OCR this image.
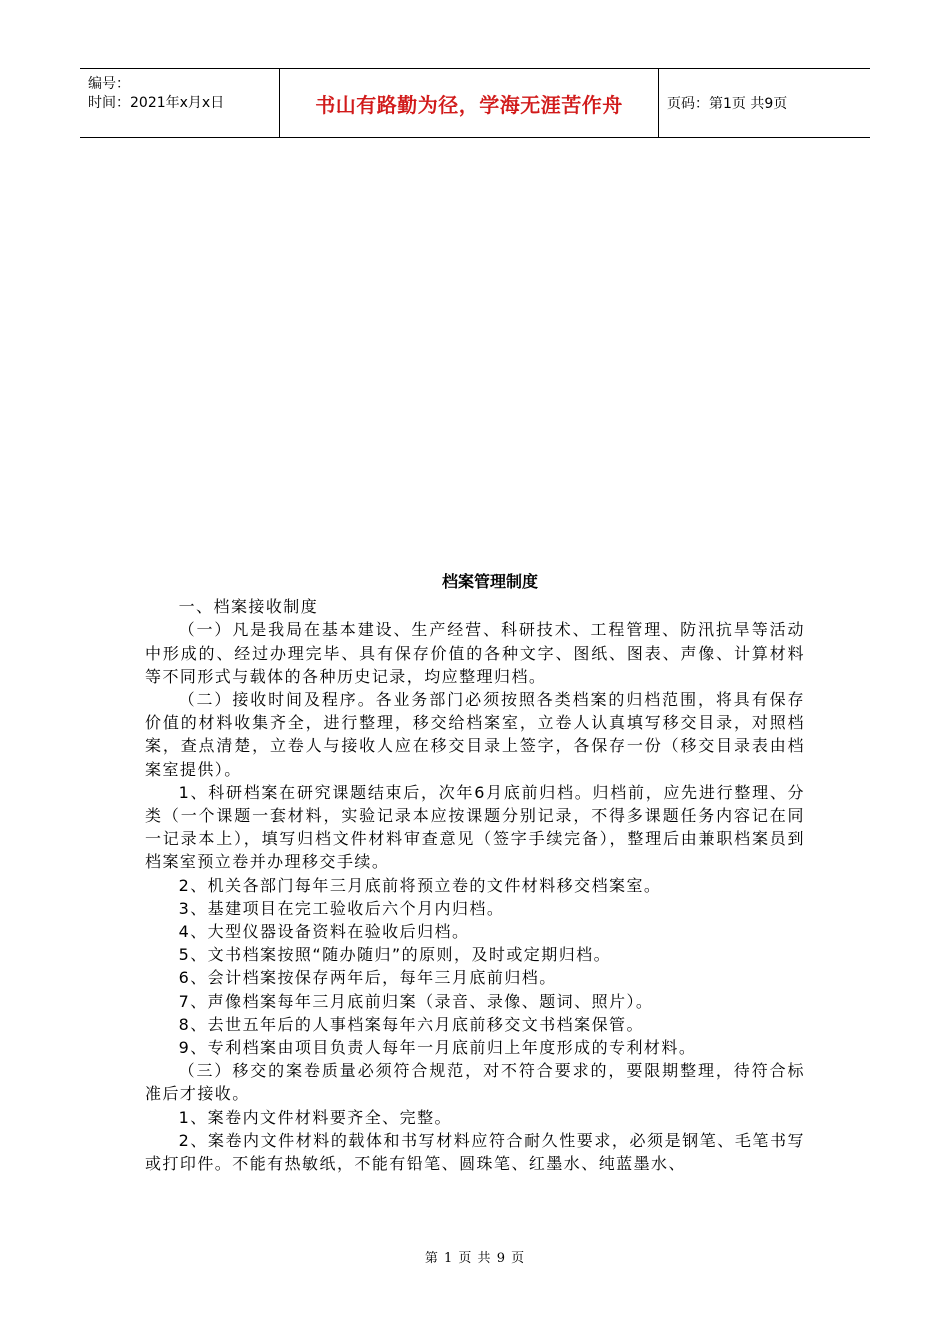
编号：
时间：2021年x月x日	书山有路勤为径，学海无涯苦作舟	页码：第1页 共9页
档案管理制度

一、档案接收制度

（一）凡是我局在基本建设、生产经营、科研技术、工程管理、防汛抗旱等活动中形成的、经过办理完毕、具有保存价值的各种文字、图纸、图表、声像、计算材料等不同形式与载体的各种历史记录，均应整理归档。

（二）接收时间及程序。各业务部门必须按照各类档案的归档范围，将具有保存价值的材料收集齐全，进行整理，移交给档案室，立卷人认真填写移交目录，对照档案，查点清楚，立卷人与接收人应在移交目录上签字，各保存一份（移交目录表由档案室提供）。

1、科研档案在研究课题结束后，次年6月底前归档。归档前，应先进行整理、分类（一个课题一套材料，实验记录本应按课题分别记录，不得多课题任务内容记在同一记录本上），填写归档文件材料审查意见（签字手续完备），整理后由兼职档案员到档案室预立卷并办理移交手续。

2、机关各部门每年三月底前将预立卷的文件材料移交档案室。

3、基建项目在完工验收后六个月内归档。

4、大型仪器设备资料在验收后归档。

5、文书档案按照“随办随归”的原则，及时或定期归档。

6、会计档案按保存两年后，每年三月底前归档。

7、声像档案每年三月底前归案（录音、录像、题词、照片）。

8、去世五年后的人事档案每年六月底前移交文书档案保管。

9、专利档案由项目负责人每年一月底前归上年度形成的专利材料。

（三）移交的案卷质量必须符合规范，对不符合要求的，要限期整理，待符合标准后才接收。

1、案卷内文件材料要齐全、完整。

2、案卷内文件材料的载体和书写材料应符合耐久性要求，必须是钢笔、毛笔书写或打印件。不能有热敏纸，不能有铅笔、圆珠笔、红墨水、纯蓝墨水、

第 1 页 共 9 页
